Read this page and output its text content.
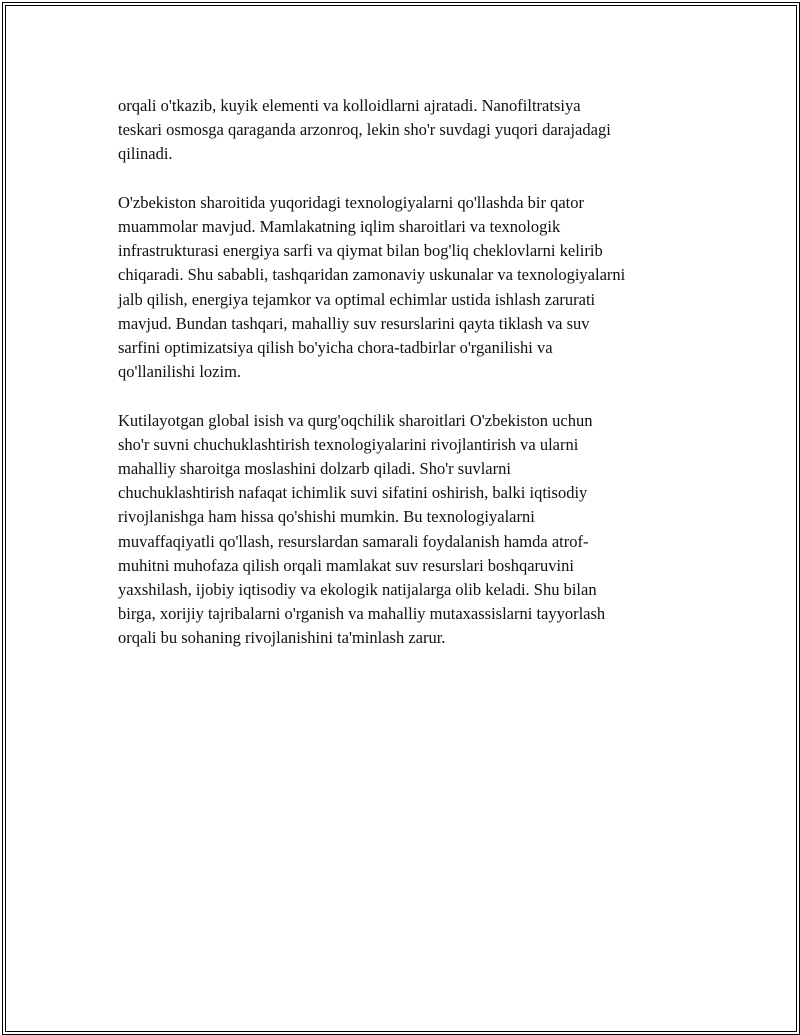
orqali o'tkazib, kuyik elementi va kolloidlarni ajratadi. Nanofiltratsiya
teskari osmosga qaraganda arzonroq, lekin sho'r suvdagi yuqori darajadagi
qilinadi.

O'zbekiston sharoitida yuqoridagi texnologiyalarni qo'llashda bir qator
muammolar mavjud. Mamlakatning iqlim sharoitlari va texnologik
infrastrukturasi energiya sarfi va qiymat bilan bog'liq cheklovlarni kelirib
chiqaradi. Shu sababli, tashqaridan zamonaviy uskunalar va texnologiyalarni
jalb qilish, energiya tejamkor va optimal echimlar ustida ishlash zarurati
mavjud. Bundan tashqari, mahalliy suv resurslarini qayta tiklash va suv
sarfini optimizatsiya qilish bo'yicha chora-tadbirlar o'rganilishi va
qo'llanilishi lozim.

Kutilayotgan global isish va qurg'oqchilik sharoitlari O'zbekiston uchun
sho'r suvni chuchuklashtirish texnologiyalarini rivojlantirish va ularni
mahalliy sharoitga moslashini dolzarb qiladi. Sho'r suvlarni
chuchuklashtirish nafaqat ichimlik suvi sifatini oshirish, balki iqtisodiy
rivojlanishga ham hissa qo'shishi mumkin. Bu texnologiyalarni
muvaffaqiyatli qo'llash, resurslardan samarali foydalanish hamda atrof-
muhitni muhofaza qilish orqali mamlakat suv resurslari boshqaruvini
yaxshilash, ijobiy iqtisodiy va ekologik natijalarga olib keladi. Shu bilan
birga, xorijiy tajribalarni o'rganish va mahalliy mutaxassislarni tayyorlash
orqali bu sohaning rivojlanishini ta'minlash zarur.
